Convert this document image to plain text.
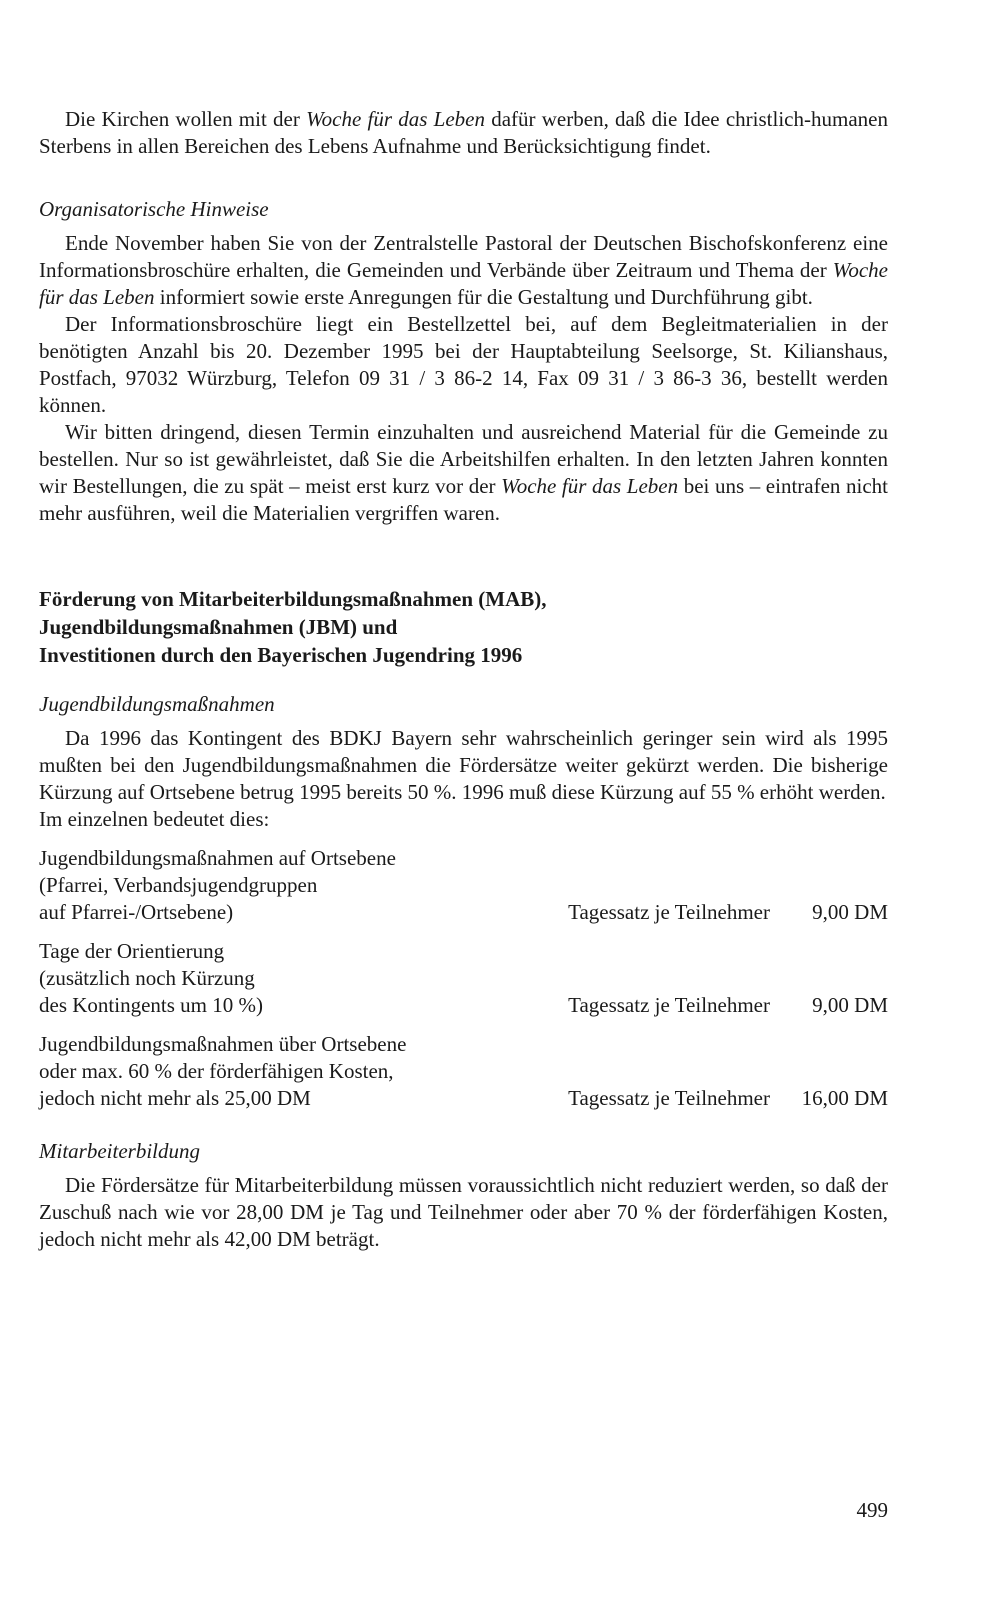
Die Kirchen wollen mit der Woche für das Leben dafür werben, daß die Idee christlich-humanen Sterbens in allen Bereichen des Lebens Aufnahme und Berücksichtigung findet.

Organisatorische Hinweise

Ende November haben Sie von der Zentralstelle Pastoral der Deutschen Bischofskonferenz eine Informationsbroschüre erhalten, die Gemeinden und Verbände über Zeitraum und Thema der Woche für das Leben informiert sowie erste Anregungen für die Gestaltung und Durchführung gibt.

Der Informationsbroschüre liegt ein Bestellzettel bei, auf dem Begleitmaterialien in der benötigten Anzahl bis 20. Dezember 1995 bei der Hauptabteilung Seelsorge, St. Kilianshaus, Postfach, 97032 Würzburg, Telefon 09 31 / 3 86-2 14, Fax 09 31 / 3 86-3 36, bestellt werden können.

Wir bitten dringend, diesen Termin einzuhalten und ausreichend Material für die Gemeinde zu bestellen. Nur so ist gewährleistet, daß Sie die Arbeitshilfen erhalten. In den letzten Jahren konnten wir Bestellungen, die zu spät – meist erst kurz vor der Woche für das Leben bei uns – eintrafen nicht mehr ausführen, weil die Materialien vergriffen waren.

Förderung von Mitarbeiterbildungsmaßnahmen (MAB),
Jugendbildungsmaßnahmen (JBM) und
Investitionen durch den Bayerischen Jugendring 1996
Jugendbildungsmaßnahmen

Da 1996 das Kontingent des BDKJ Bayern sehr wahrscheinlich geringer sein wird als 1995 mußten bei den Jugendbildungsmaßnahmen die Fördersätze weiter gekürzt werden. Die bisherige Kürzung auf Ortsebene betrug 1995 bereits 50 %. 1996 muß diese Kürzung auf 55 % erhöht werden.

Im einzelnen bedeutet dies:

Jugendbildungsmaßnahmen auf Ortsebene
(Pfarrei, Verbandsjugendgruppen
auf Pfarrei-/Ortsebene)	Tagessatz je Teilnehmer	9,00 DM
Tage der Orientierung
(zusätzlich noch Kürzung
des Kontingents um 10 %)	Tagessatz je Teilnehmer	9,00 DM
Jugendbildungsmaßnahmen über Ortsebene
oder max. 60 % der förderfähigen Kosten,
jedoch nicht mehr als 25,00 DM	Tagessatz je Teilnehmer	16,00 DM
Mitarbeiterbildung

Die Fördersätze für Mitarbeiterbildung müssen voraussichtlich nicht reduziert werden, so daß der Zuschuß nach wie vor 28,00 DM je Tag und Teilnehmer oder aber 70 % der förderfähigen Kosten, jedoch nicht mehr als 42,00 DM beträgt.

499
